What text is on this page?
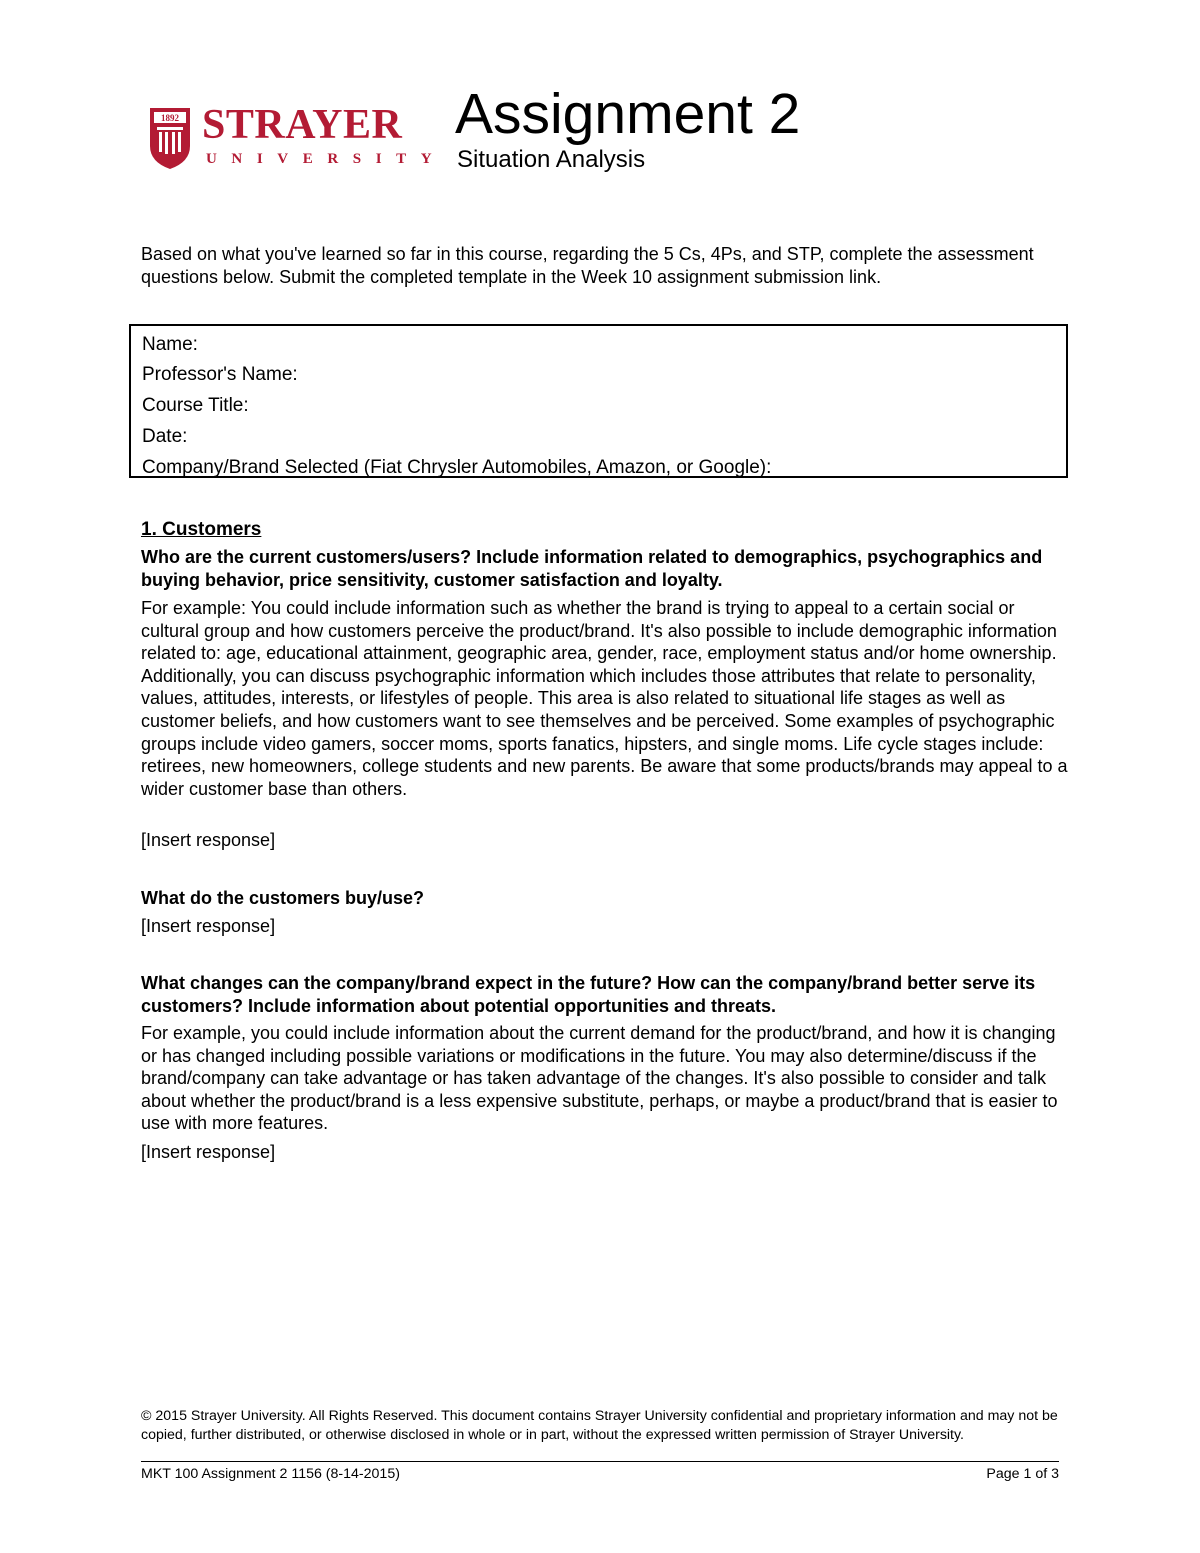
1892 STRAYER
UNIVERSITY
Assignment 2
Situation Analysis
Based on what you've learned so far in this course, regarding the 5 Cs, 4Ps, and STP, complete the assessment questions below. Submit the completed template in the Week 10 assignment submission link.
Name:
Professor's Name:
Course Title:
Date:
Company/Brand Selected (Fiat Chrysler Automobiles, Amazon, or Google):
1. Customers
Who are the current customers/users? Include information related to demographics, psychographics and buying behavior, price sensitivity, customer satisfaction and loyalty.
For example: You could include information such as whether the brand is trying to appeal to a certain social or cultural group and how customers perceive the product/brand. It's also possible to include demographic information related to: age, educational attainment, geographic area, gender, race, employment status and/or home ownership. Additionally, you can discuss psychographic information which includes those attributes that relate to personality, values, attitudes, interests, or lifestyles of people. This area is also related to situational life stages as well as customer beliefs, and how customers want to see themselves and be perceived. Some examples of psychographic groups include video gamers, soccer moms, sports fanatics, hipsters, and single moms. Life cycle stages include: retirees, new homeowners, college students and new parents. Be aware that some products/brands may appeal to a wider customer base than others.
[Insert response]
What do the customers buy/use?
[Insert response]
What changes can the company/brand expect in the future? How can the company/brand better serve its customers? Include information about potential opportunities and threats.
For example, you could include information about the current demand for the product/brand, and how it is changing or has changed including possible variations or modifications in the future. You may also determine/discuss if the brand/company can take advantage or has taken advantage of the changes. It's also possible to consider and talk about whether the product/brand is a less expensive substitute, perhaps, or maybe a product/brand that is easier to use with more features.
[Insert response]
© 2015 Strayer University. All Rights Reserved. This document contains Strayer University confidential and proprietary information and may not be copied, further distributed, or otherwise disclosed in whole or in part, without the expressed written permission of Strayer University.
MKT 100 Assignment 2 1156 (8-14-2015)	Page 1 of 3
